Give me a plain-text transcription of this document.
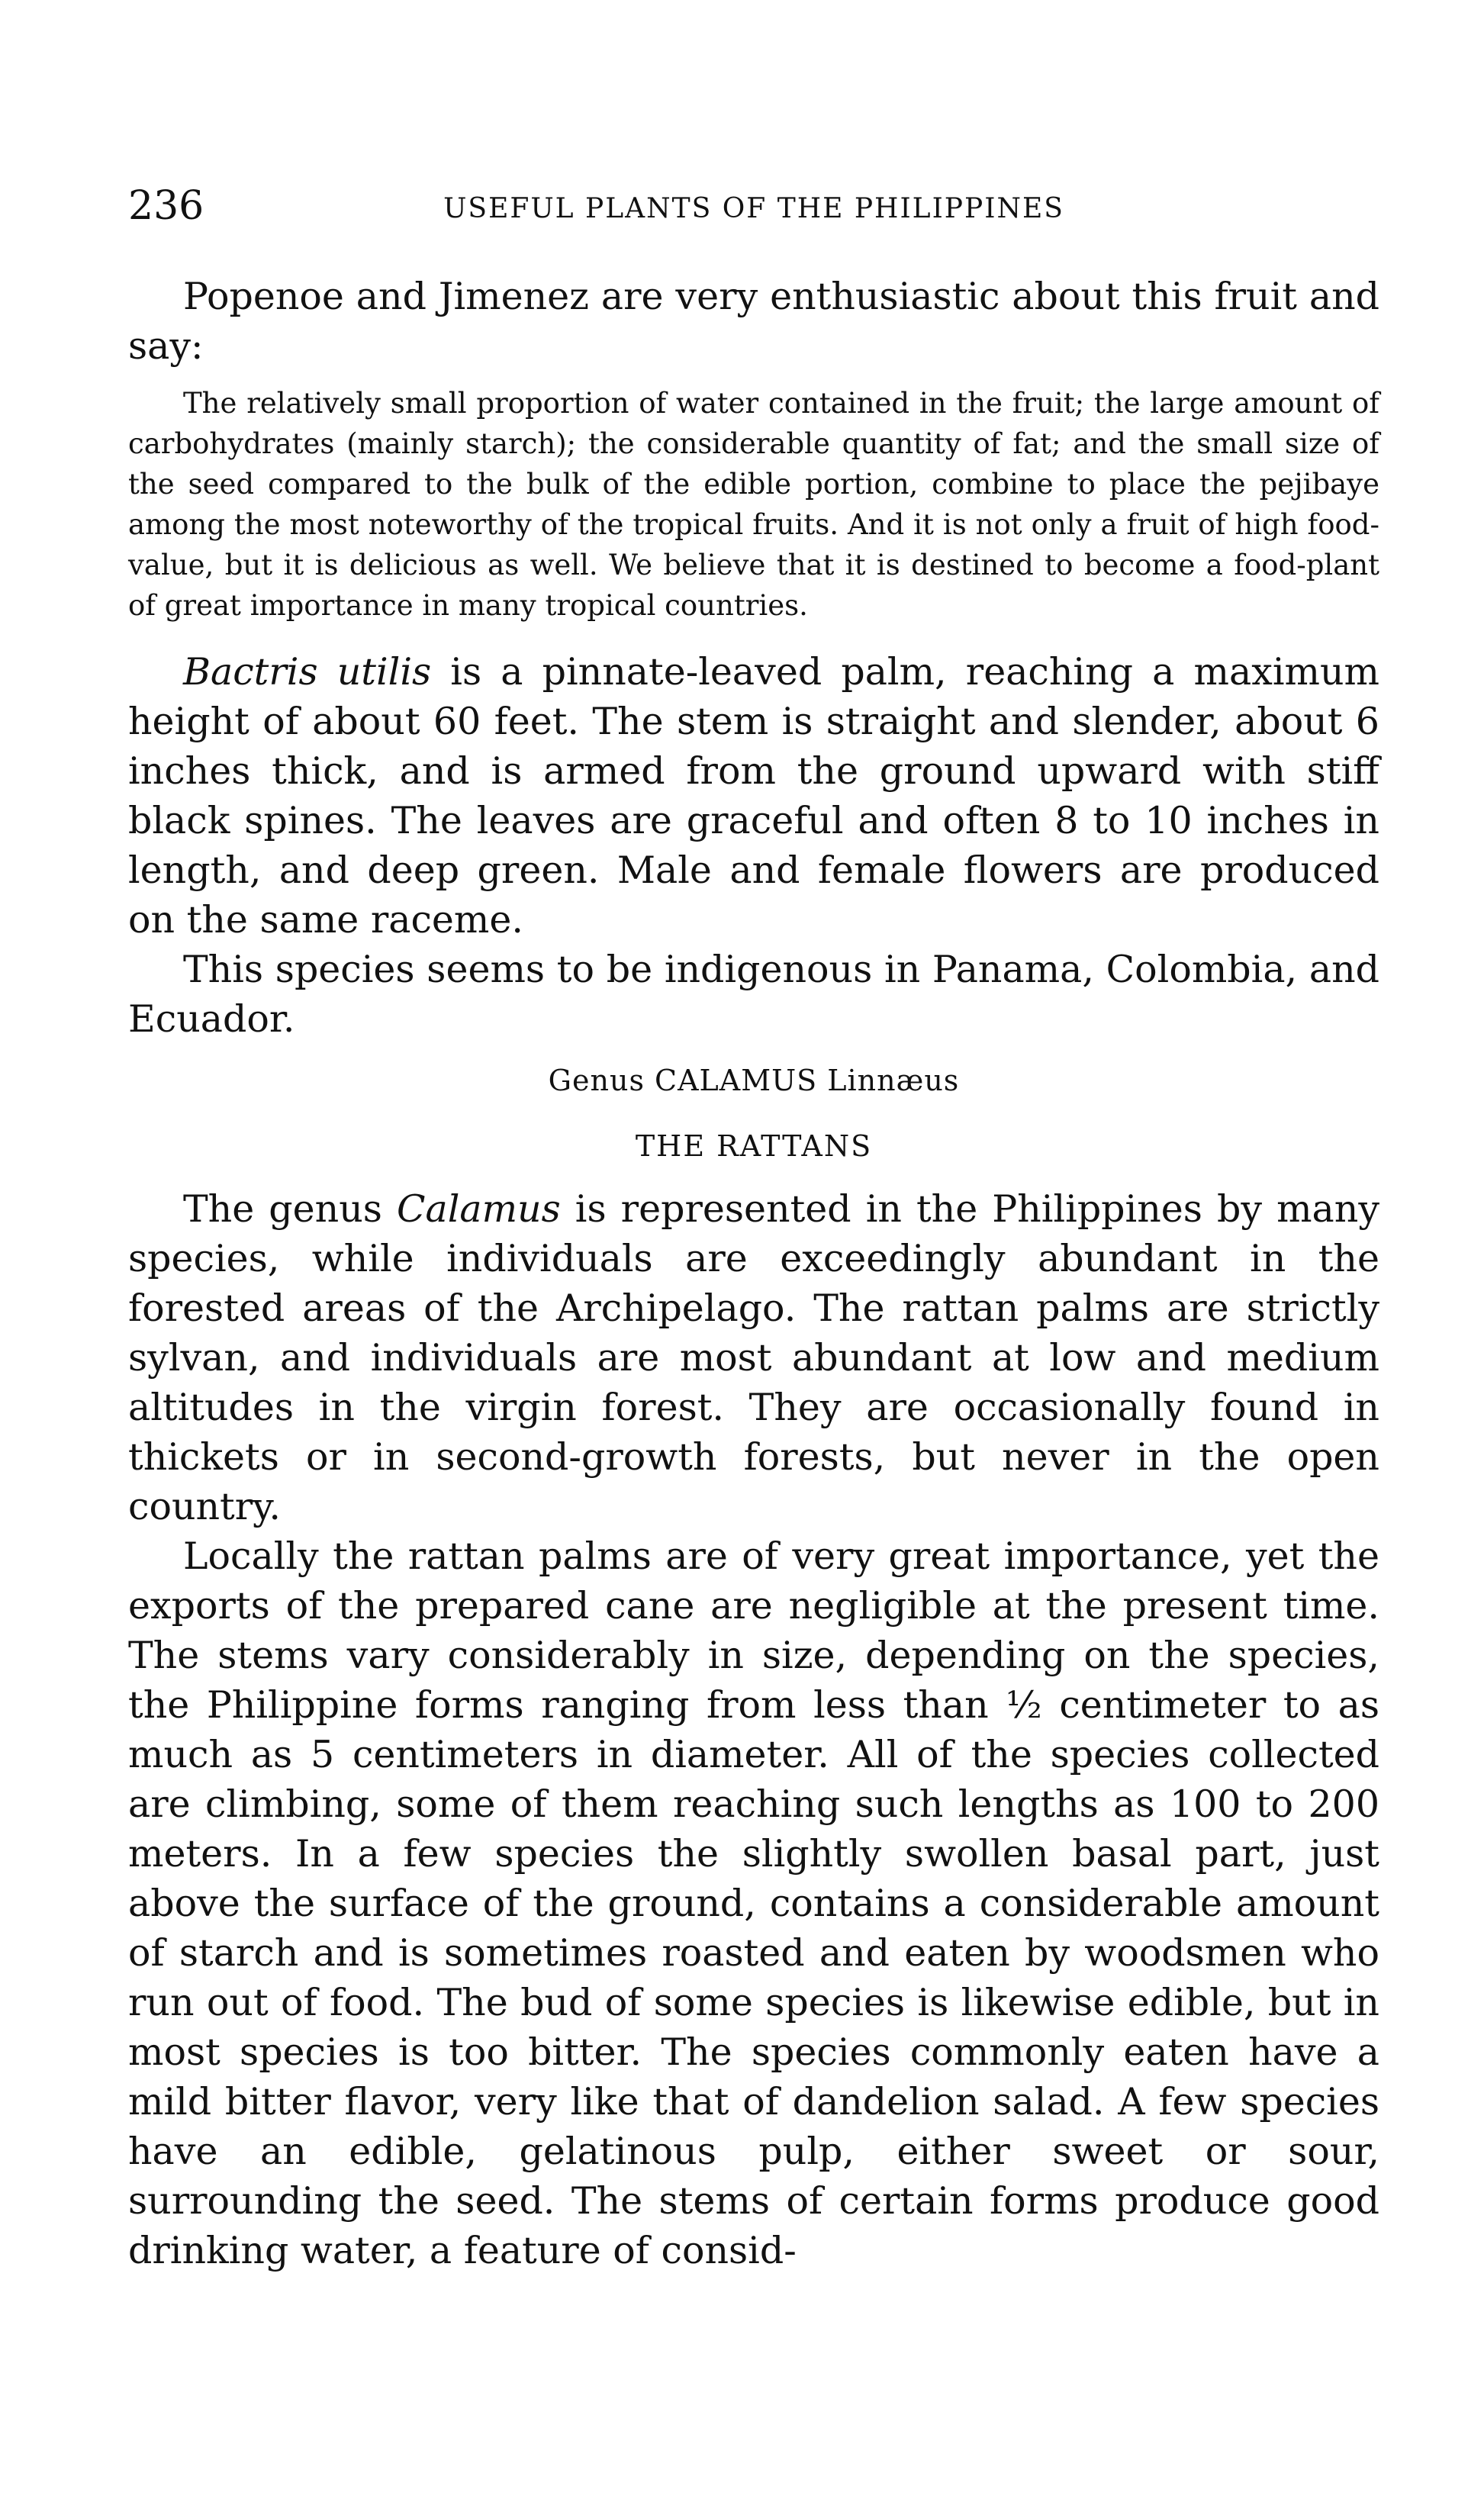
236	USEFUL PLANTS OF THE PHILIPPINES

Popenoe and Jimenez are very enthusiastic about this fruit and say:

The relatively small proportion of water contained in the fruit; the large amount of carbohydrates (mainly starch); the considerable quantity of fat; and the small size of the seed compared to the bulk of the edible portion, combine to place the pejibaye among the most noteworthy of the tropical fruits. And it is not only a fruit of high food-value, but it is delicious as well. We believe that it is destined to become a food-plant of great importance in many tropical countries.

Bactris utilis is a pinnate-leaved palm, reaching a maximum height of about 60 feet. The stem is straight and slender, about 6 inches thick, and is armed from the ground upward with stiff black spines. The leaves are graceful and often 8 to 10 inches in length, and deep green. Male and female flowers are produced on the same raceme.

This species seems to be indigenous in Panama, Colombia, and Ecuador.

Genus CALAMUS Linnæus
THE RATTANS

The genus Calamus is represented in the Philippines by many species, while individuals are exceedingly abundant in the forested areas of the Archipelago. The rattan palms are strictly sylvan, and individuals are most abundant at low and medium altitudes in the virgin forest. They are occasionally found in thickets or in second-growth forests, but never in the open country.

Locally the rattan palms are of very great importance, yet the exports of the prepared cane are negligible at the present time. The stems vary considerably in size, depending on the species, the Philippine forms ranging from less than ½ centimeter to as much as 5 centimeters in diameter. All of the species collected are climbing, some of them reaching such lengths as 100 to 200 meters. In a few species the slightly swollen basal part, just above the surface of the ground, contains a considerable amount of starch and is sometimes roasted and eaten by woodsmen who run out of food. The bud of some species is likewise edible, but in most species is too bitter. The species commonly eaten have a mild bitter flavor, very like that of dandelion salad. A few species have an edible, gelatinous pulp, either sweet or sour, surrounding the seed. The stems of certain forms produce good drinking water, a feature of consid-
